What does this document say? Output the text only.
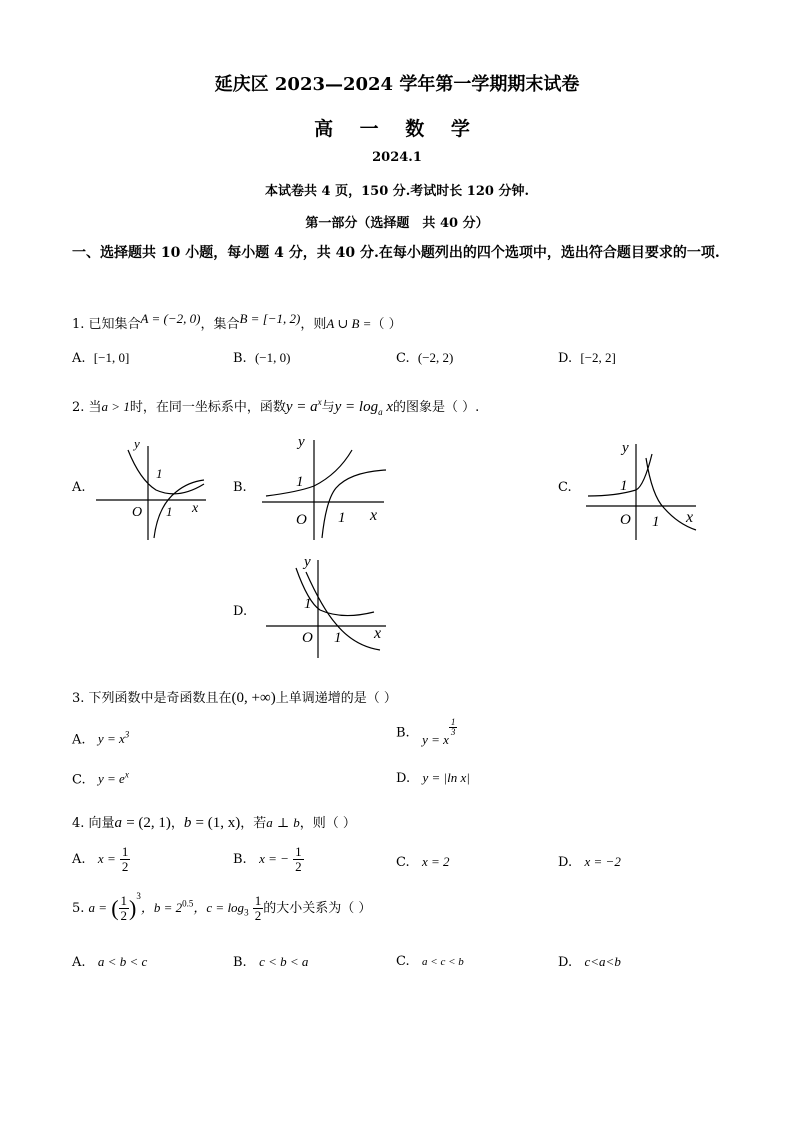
延庆区 2023—2024 学年第一学期期末试卷
高 一 数 学
2024.1
本试卷共 4 页，150 分.考试时长 120 分钟.
第一部分（选择题　共 40 分）
一、选择题共 10 小题，每小题 4 分，共 40 分.在每小题列出的四个选项中，选出符合题目要求的一项.
1. 已知集合A = (−2, 0)，集合B = [−1, 2)，则A ∪ B =（ ）
A.  [−1, 0]	B.  (−1, 0)	C.  (−2, 2)	D.  [−2, 2]
2. 当a > 1时，在同一坐标系中，函数$y = a^x$与$y = \log_a x$的图象是（ ）.
A.	B.	C.
D.
y
x
O
1
1
y
x
O
1
1
y
x
O
1
1
y
x
O
1
1
3. 下列函数中是奇函数且在(0, +∞)上单调递增的是（ ）
A.   $y = x^3$	B.   y = x
$\frac{1}{3}$
C.   $y = e^x$	D.   y = |ln x|
4. 向量a = (2, 1)，b = (1, x)，若a ⊥ b，则（ ）
A.   $x = \frac{1}{2}$	B.   x = − $\frac{1}{2}$	C.   x = 2	D.   x = −2
5. a = ( $\frac{1}{2} )^3$，$b = 2^{0.5}$，$c = \log_3 \frac{1}{2}$ 的大小关系为（ ）
A.   a < b < c	B.   c < b < a	C.   a < c < b	D.   c<a<b
